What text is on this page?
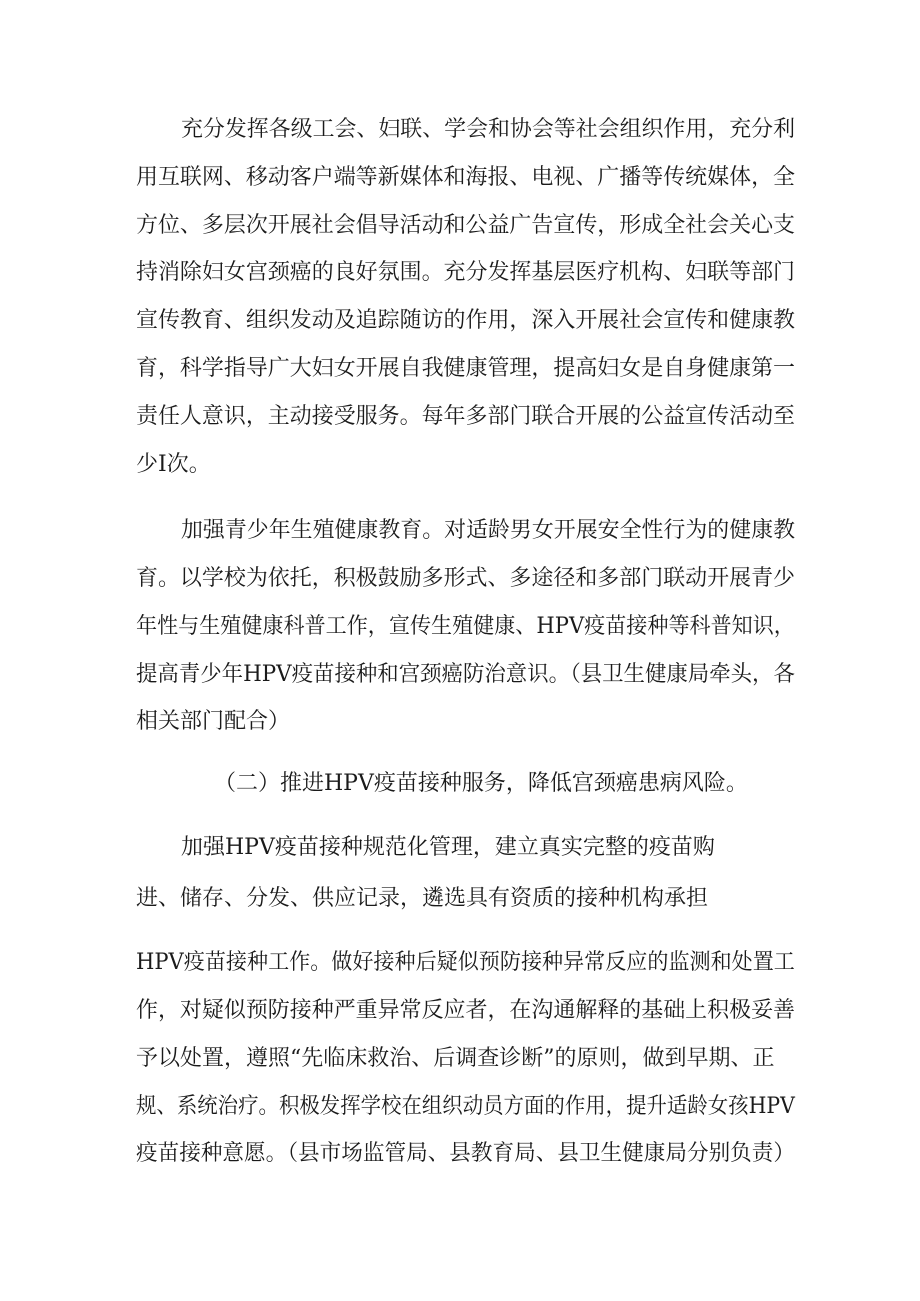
充分发挥各级工会、妇联、学会和协会等社会组织作用，充分利
用互联网、移动客户端等新媒体和海报、电视、广播等传统媒体，全
方位、多层次开展社会倡导活动和公益广告宣传，形成全社会关心支
持消除妇女宫颈癌的良好氛围。充分发挥基层医疗机构、妇联等部门
宣传教育、组织发动及追踪随访的作用，深入开展社会宣传和健康教
育，科学指导广大妇女开展自我健康管理，提高妇女是自身健康第一
责任人意识，主动接受服务。每年多部门联合开展的公益宣传活动至
少I次。
加强青少年生殖健康教育。对适龄男女开展安全性行为的健康教
育。以学校为依托，积极鼓励多形式、多途径和多部门联动开展青少
年性与生殖健康科普工作，宣传生殖健康、HPV疫苗接种等科普知识，
提高青少年HPV疫苗接种和宫颈癌防治意识。（县卫生健康局牵头，各
相关部门配合）
（二）推进HPV疫苗接种服务，降低宫颈癌患病风险。
加强HPV疫苗接种规范化管理，建立真实完整的疫苗购
进、储存、分发、供应记录，遴选具有资质的接种机构承担
HPV疫苗接种工作。做好接种后疑似预防接种异常反应的监测和处置工
作，对疑似预防接种严重异常反应者，在沟通解释的基础上积极妥善
予以处置，遵照“先临床救治、后调查诊断”的原则，做到早期、正
规、系统治疗。积极发挥学校在组织动员方面的作用，提升适龄女孩HPV
疫苗接种意愿。（县市场监管局、县教育局、县卫生健康局分别负责）
